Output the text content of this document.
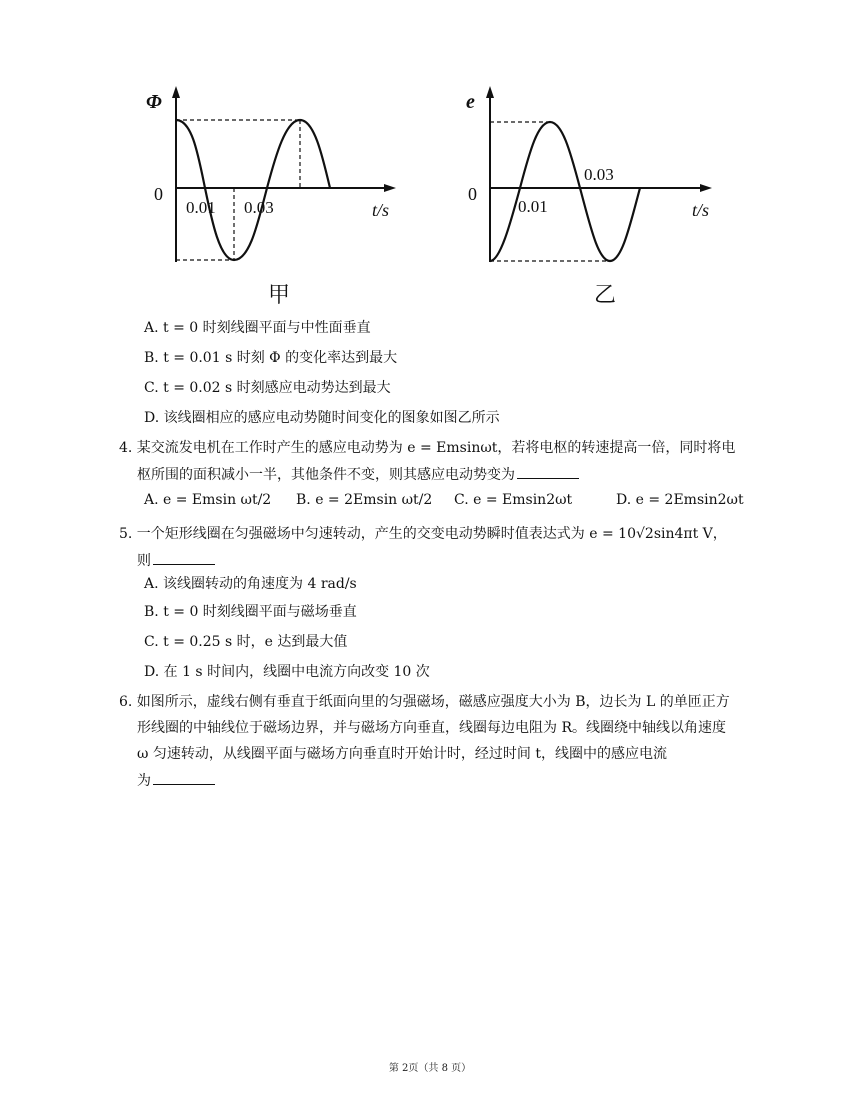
Φ
0
0.01 0.03	t/s
甲
e
0
0.01
0.03
t/s
乙
A. t = 0 时刻线圈平面与中性面垂直
B. t = 0.01 s 时刻 Φ 的变化率达到最大
C. t = 0.02 s 时刻感应电动势达到最大
D. 该线圈相应的感应电动势随时间变化的图象如图乙所示
4. 某交流发电机在工作时产生的感应电动势为 e = Emsinωt，若将电枢的转速提高一倍，同时将电
枢所围的面积减小一半，其他条件不变，则其感应电动势变为
A. e = Emsin ωt/2 B. e = 2Emsin ωt/2 C. e = Emsin2ωt	D. e = 2Emsin2ωt
5. 一个矩形线圈在匀强磁场中匀速转动，产生的交变电动势瞬时值表达式为 e = 10√2sin4πt V，
则
A. 该线圈转动的角速度为 4 rad/s
B. t = 0 时刻线圈平面与磁场垂直
C. t = 0.25 s 时，e 达到最大值
D. 在 1 s 时间内，线圈中电流方向改变 10 次
6. 如图所示，虚线右侧有垂直于纸面向里的匀强磁场，磁感应强度大小为 B，边长为 L 的单匝正方
形线圈的中轴线位于磁场边界，并与磁场方向垂直，线圈每边电阻为 R。线圈绕中轴线以角速度
ω 匀速转动，从线圈平面与磁场方向垂直时开始计时，经过时间 t，线圈中的感应电流
为
第 2页（共 8 页）
